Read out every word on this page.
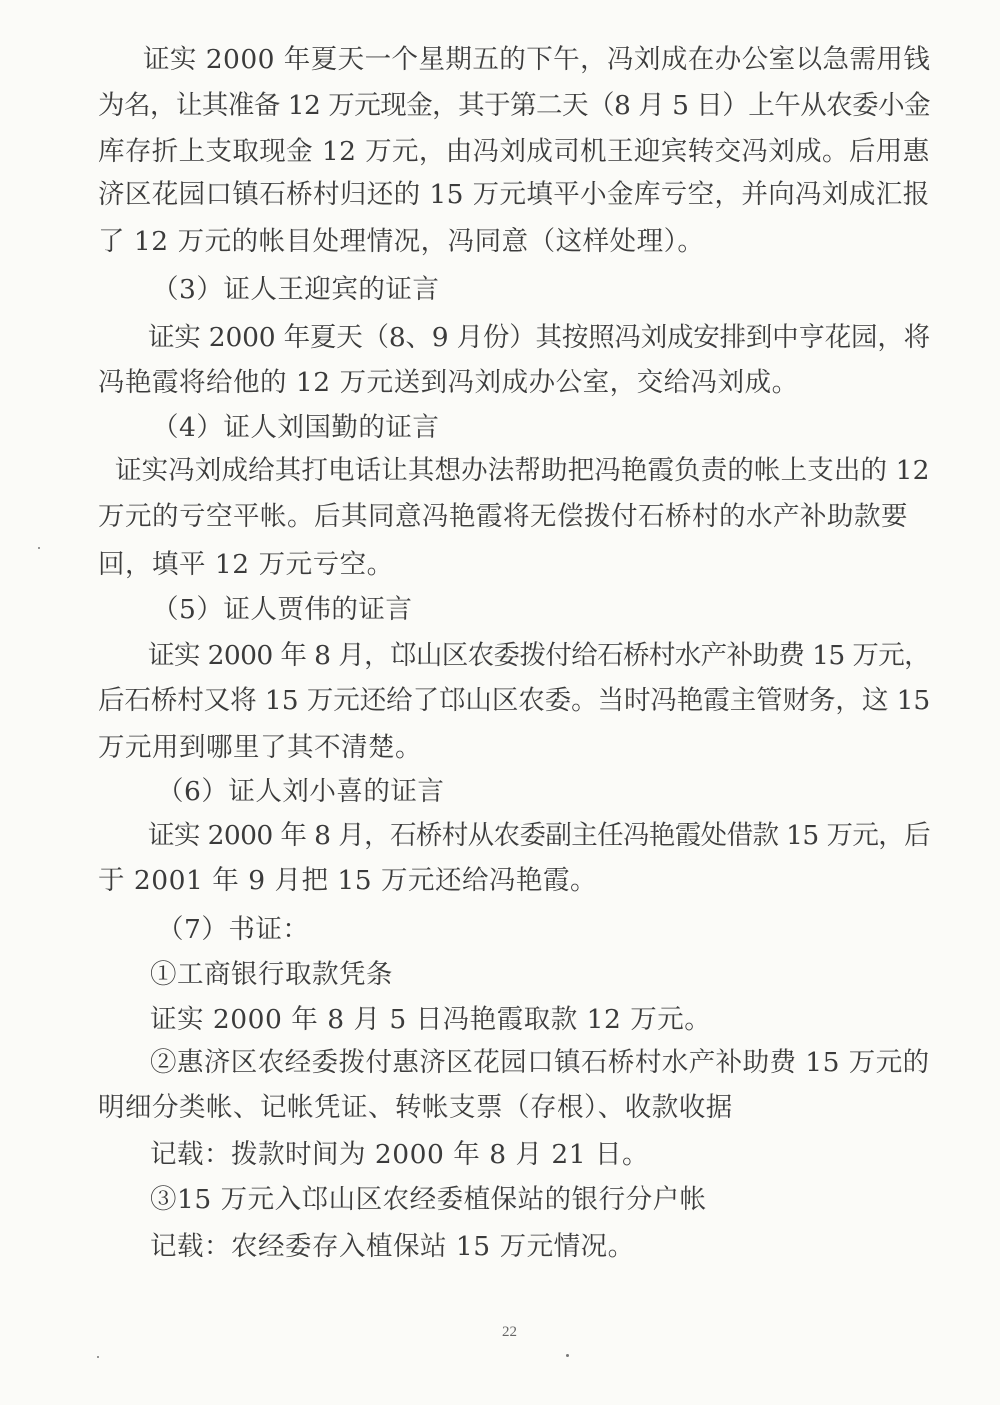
证实 2000 年夏天一个星期五的下午，冯刘成在办公室以急需用钱
为名，让其准备 12 万元现金，其于第二天（8 月 5 日）上午从农委小金
库存折上支取现金 12 万元，由冯刘成司机王迎宾转交冯刘成。后用惠
济区花园口镇石桥村归还的 15 万元填平小金库亏空，并向冯刘成汇报
了 12 万元的帐目处理情况，冯同意（这样处理）。
（3）证人王迎宾的证言
证实 2000 年夏天（8、9 月份）其按照冯刘成安排到中亨花园，将
冯艳霞将给他的 12 万元送到冯刘成办公室，交给冯刘成。
（4）证人刘国勤的证言
证实冯刘成给其打电话让其想办法帮助把冯艳霞负责的帐上支出的 12
万元的亏空平帐。后其同意冯艳霞将无偿拨付石桥村的水产补助款要
回，填平 12 万元亏空。
（5）证人贾伟的证言
证实 2000 年 8 月，邙山区农委拨付给石桥村水产补助费 15 万元，
后石桥村又将 15 万元还给了邙山区农委。当时冯艳霞主管财务，这 15
万元用到哪里了其不清楚。
（6）证人刘小喜的证言
证实 2000 年 8 月，石桥村从农委副主任冯艳霞处借款 15 万元，后
于 2001 年 9 月把 15 万元还给冯艳霞。
（7）书证：
①工商银行取款凭条
证实 2000 年 8 月 5 日冯艳霞取款 12 万元。
②惠济区农经委拨付惠济区花园口镇石桥村水产补助费 15 万元的
明细分类帐、记帐凭证、转帐支票（存根）、收款收据
记载：拨款时间为 2000 年 8 月 21 日。
③15 万元入邙山区农经委植保站的银行分户帐
记载：农经委存入植保站 15 万元情况。
22
